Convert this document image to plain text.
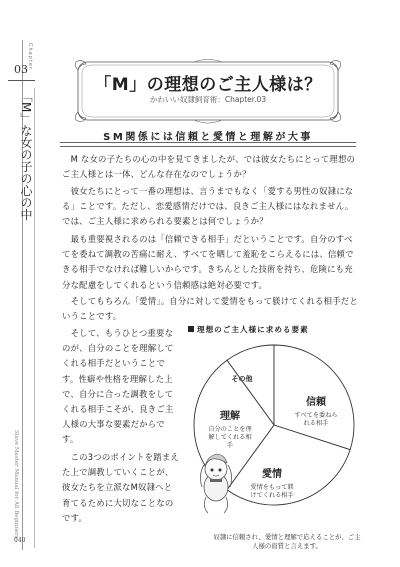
Chapter
03
「M」な女の子の心の中
Slave Master Manual for All Beginners
040
「M」の理想のご主人様は？
かわいい奴隷飼育術：Chapter.03
SM関係には信頼と愛情と理解が大事
　M な女の子たちの心の中を見てきましたが、では彼女たちにとって理想のご主人様とは一体、どんな存在なのでしょうか？
　彼女たちにとって一番の理想は、言うまでもなく「愛する男性の奴隷になる」ことです。ただし、恋愛感情だけでは、良きご主人様にはなれません。では、ご主人様に求められる要素とは何でしょうか？
　最も重要視されるのは「信頼できる相手」だということです。自分のすべてを委ねて調教の苦痛に耐え、すべてを晒して羞恥をこらえるには、信頼できる相手でなければ難しいからです。きちんとした技術を持ち、危険にも充分な配慮をしてくれるという信頼感は絶対必要です。
　そしてもちろん「愛情」。自分に対して愛情をもって躾けてくれる相手だということです。
　そして、もうひとつ重要なのが、自分のことを理解してくれる相手だということです。性癖や性格を理解した上で、自分に合った調教をしてくれる相手こそが、良きご主人様の大事な要素だからです。
　この3つのポイントを踏まえた上で調教していくことが、彼女たちを立派なM奴隷へと育てるために大切なことなのです。
理想のご主人様に求める要素
その他
信頼
すべてを委ねら
れる相手
愛情
愛情をもって躾
けてくれる相手
理解
自分のことを理
解してくれる相
手
奴隷に信頼され、愛情と理解で応えることが、ご主人様の資質と言えます。
